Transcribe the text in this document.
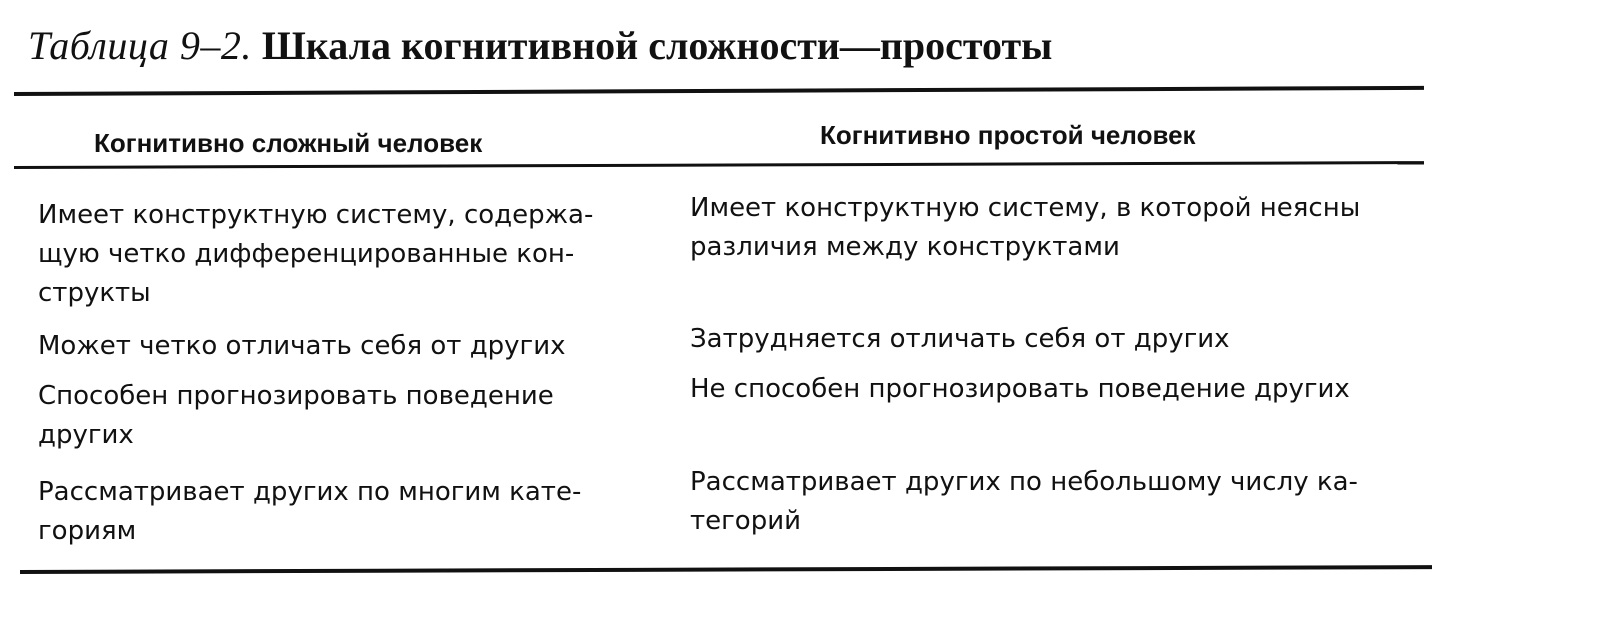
Таблица 9–2. Шкала когнитивной сложности—простоты
Когнитивно сложный человек	Когнитивно простой человек
Имеет конструктную систему, содержа-
щую четко дифференцированные кон-
структы
Имеет конструктную систему, в которой неясны
различия между конструктами
Может четко отличать себя от других	Затрудняется отличать себя от других
Способен прогнозировать поведение
других
Не способен прогнозировать поведение других
Рассматривает других по многим кате-
гориям
Рассматривает других по небольшому числу ка-
тегорий
